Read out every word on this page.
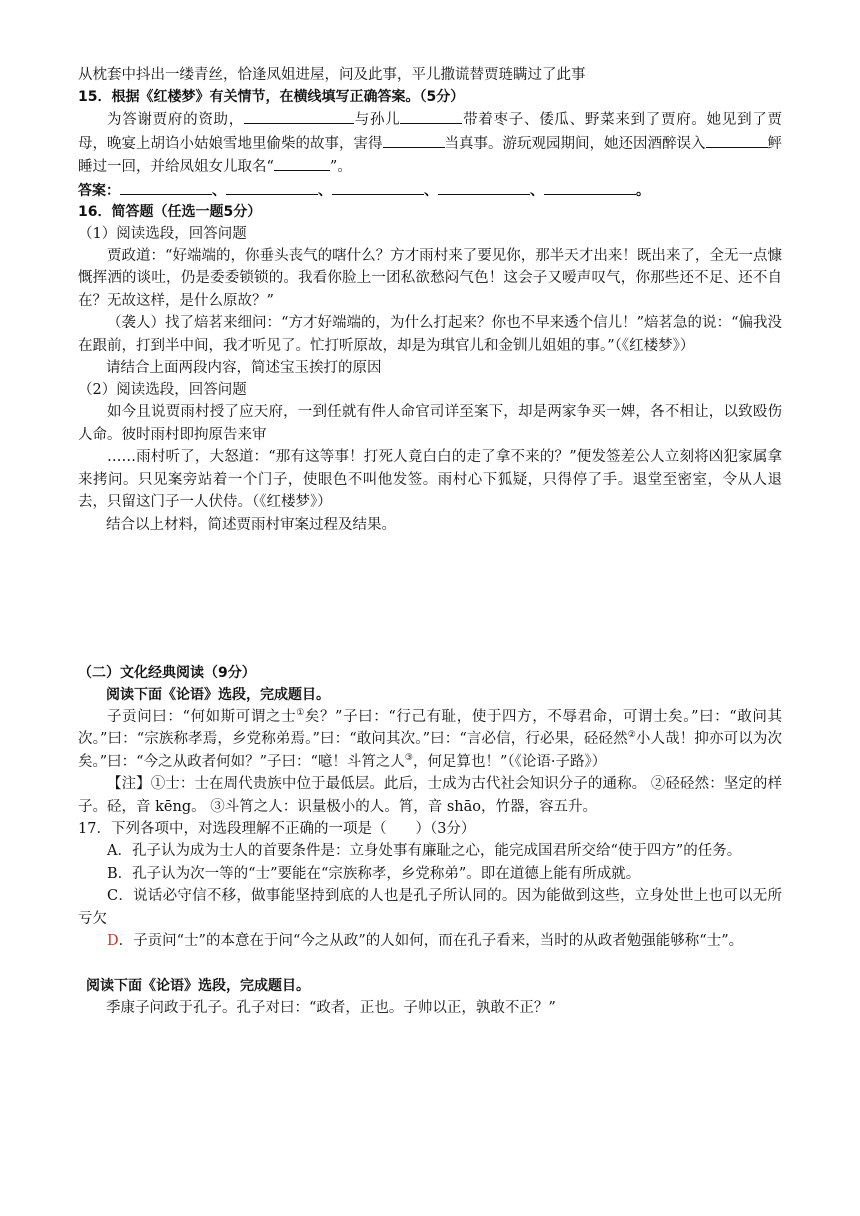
从枕套中抖出一缕青丝，恰逢凤姐进屋，问及此事，平儿撒谎替贾琏瞒过了此事
15．根据《红楼梦》有关情节，在横线填写正确答案。（5分）
为答谢贾府的资助，	与孙儿	带着枣子、倭瓜、野菜来到了贾府。她见到了贾母，晚宴上胡诌小姑娘雪地里偷柴的故事，害得	当真事。游玩观园期间，她还因酒醉误入	鲆睡过一回，并给凤姐女儿取名“	”。
答案：	、	、	、	、	。
16．简答题（任选一题5分）
（1）阅读选段，回答问题
贾政道：“好端端的，你垂头丧气的嗐什么？方才雨村来了要见你，那半天才出来！既出来了，全无一点慷慨挥洒的谈吐，仍是委委锁锁的。我看你脸上一团私欲愁闷气色！这会子又嗳声叹气，你那些还不足、还不自在？无故这样，是什么原故？”
（袭人）找了焙茗来细问：“方才好端端的，为什么打起来？你也不早来透个信儿！”焙茗急的说：“偏我没在跟前，打到半中间，我才听见了。忙打听原故，却是为琪官儿和金钏儿姐姐的事。”（《红楼梦》）
请结合上面两段内容，简述宝玉挨打的原因
（2）阅读选段，回答问题
如今且说贾雨村授了应天府，一到任就有件人命官司详至案下，却是两家争买一婢，各不相让，以致殴伤人命。彼时雨村即拘原告来审
……雨村听了，大怒道：“那有这等事！打死人竟白白的走了拿不来的？”便发签差公人立刻将凶犯家属拿来拷问。只见案旁站着一个门子，使眼色不叫他发签。雨村心下狐疑，只得停了手。退堂至密室，令从人退去，只留这门子一人伏侍。（《红楼梦》）
结合以上材料，简述贾雨村审案过程及结果。
（二）文化经典阅读（9分）
阅读下面《论语》选段，完成题目。
子贡问曰：“何如斯可谓之士①矣？”子曰：“行己有耻，使于四方，不辱君命，可谓士矣。”曰：“敢问其次。”曰：“宗族称孝焉，乡党称弟焉。”曰：“敢问其次。”曰：“言必信，行必果，硁硁然②小人哉！抑亦可以为次矣。”曰：“今之从政者何如？”子曰：“噫！斗筲之人③，何足算也！”（《论语·子路》）
【注】①士：士在周代贵族中位于最低层。此后，士成为古代社会知识分子的通称。 ②硁硁然：坚定的样子。硁，音 kēng。 ③斗筲之人：识量极小的人。筲，音 shāo，竹器，容五升。
17．下列各项中，对选段理解不正确的一项是（　　）（3分）
A．孔子认为成为士人的首要条件是：立身处事有廉耻之心，能完成国君所交给“使于四方”的任务。
B．孔子认为次一等的“士”要能在“宗族称孝，乡党称弟”。即在道德上能有所成就。
C．说话必守信不移，做事能坚持到底的人也是孔子所认同的。因为能做到这些，立身处世上也可以无所亏欠
D．子贡问“士”的本意在于问“今之从政”的人如何，而在孔子看来，当时的从政者勉强能够称“士”。
阅读下面《论语》选段，完成题目。
季康子问政于孔子。孔子对曰：“政者，正也。子帅以正，孰敢不正？”
